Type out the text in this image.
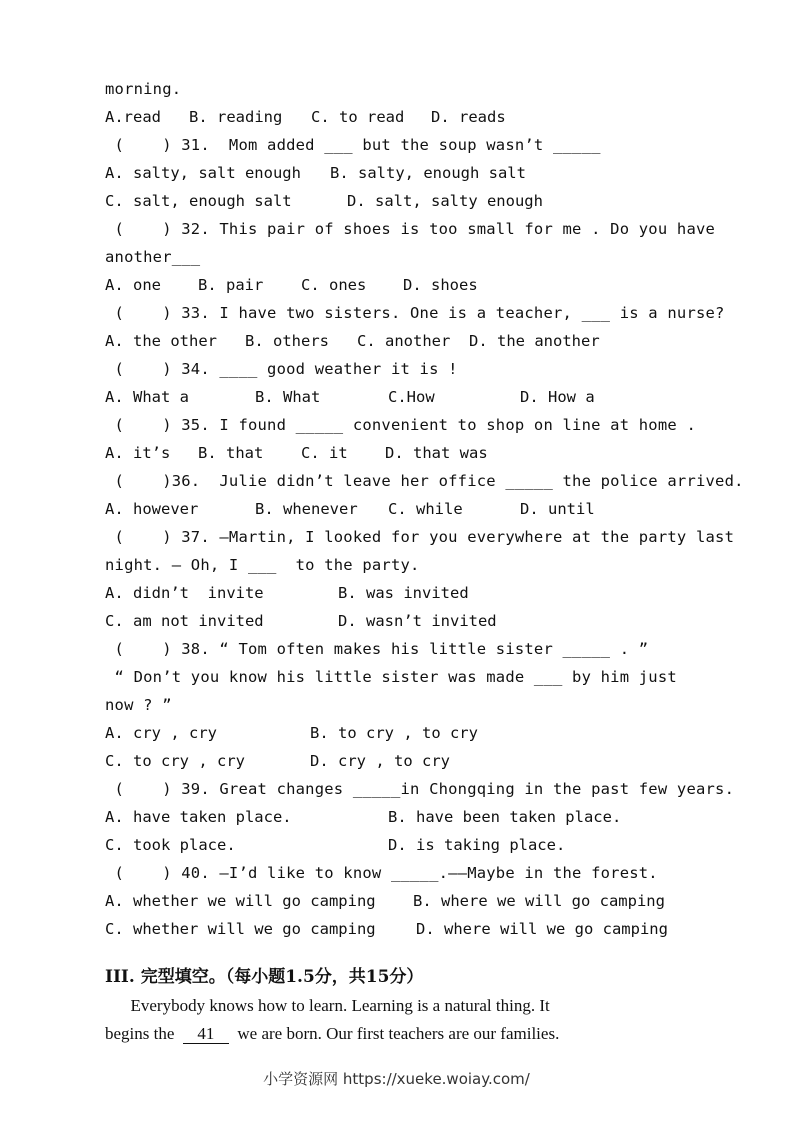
morning.
A.read B. reading C. to read D. reads
(    ) 31.  Mom added ___ but the soup wasn’t _____
A. salty, salt enough B. salty, enough salt
C. salt, enough salt	D. salt, salty enough
(    ) 32. This pair of shoes is too small for me . Do you have
another___
A. one B. pair C. ones D. shoes
(    ) 33. I have two sisters. One is a teacher, ___ is a nurse?
A. the other B. others C. another D. the another
(    ) 34. ____ good weather it is !
A. What a	B. What	C.How	D. How a
(    ) 35. I found _____ convenient to shop on line at home .
A. it’s B. that C. it D. that was
(    )36.  Julie didn’t leave her office _____ the police arrived.
A. however	B. whenever C. while	D. until
(    ) 37. —Martin, I looked for you everywhere at the party last
night. — Oh, I ___  to the party.
A. didn’t  invite	B. was invited
C. am not invited	D. wasn’t invited
(    ) 38. “ Tom often makes his little sister _____ . ”
“ Don’t you know his little sister was made ___ by him just
now ? ”
A. cry , cry	B. to cry , to cry
C. to cry , cry	D. cry , to cry
(    ) 39. Great changes _____in Chongqing in the past few years.
A. have taken place.	B. have been taken place.
C. took place.	D. is taking place.
(    ) 40. —I’d like to know _____.——Maybe in the forest.
A. whether we will go camping B. where we will go camping
C. whether will we go camping	D. where will we go camping
III. 完型填空。（每小题1.5分，共15分）
Everybody knows how to learn. Learning is a natural thing. It
begins the  41  we are born. Our first teachers are our families.
小学资源网 https://xueke.woiay.com/
